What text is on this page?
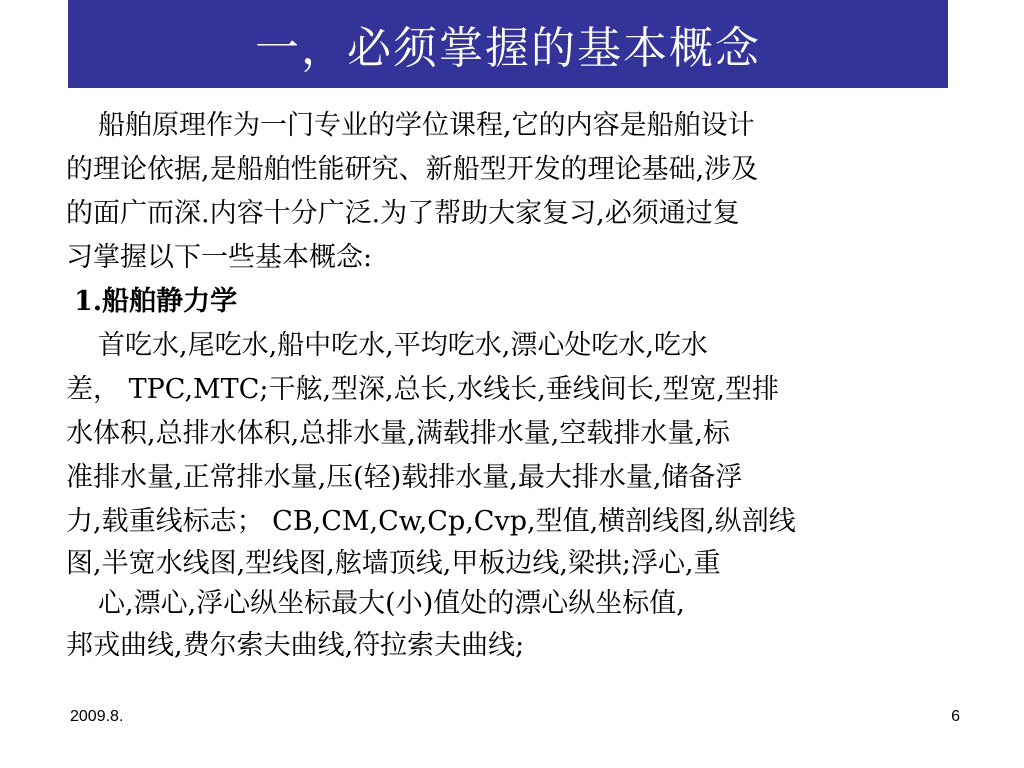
一，必须掌握的基本概念
船舶原理作为一门专业的学位课程,它的内容是船舶设计
的理论依据,是船舶性能研究、新船型开发的理论基础,涉及
的面广而深.内容十分广泛.为了帮助大家复习,必须通过复
习掌握以下一些基本概念:
1.船舶静力学
首吃水,尾吃水,船中吃水,平均吃水,漂心处吃水,吃水
差， TPC,MTC;干舷,型深,总长,水线长,垂线间长,型宽,型排
水体积,总排水体积,总排水量,满载排水量,空载排水量,标
准排水量,正常排水量,压(轻)载排水量,最大排水量,储备浮
力,载重线标志； CB,CM,Cw,Cp,Cvp,型值,横剖线图,纵剖线
图,半宽水线图,型线图,舷墙顶线,甲板边线,梁拱;浮心,重
心,漂心,浮心纵坐标最大(小)值处的漂心纵坐标值,
邦戎曲线,费尔索夫曲线,符拉索夫曲线;
2009.8.	6
